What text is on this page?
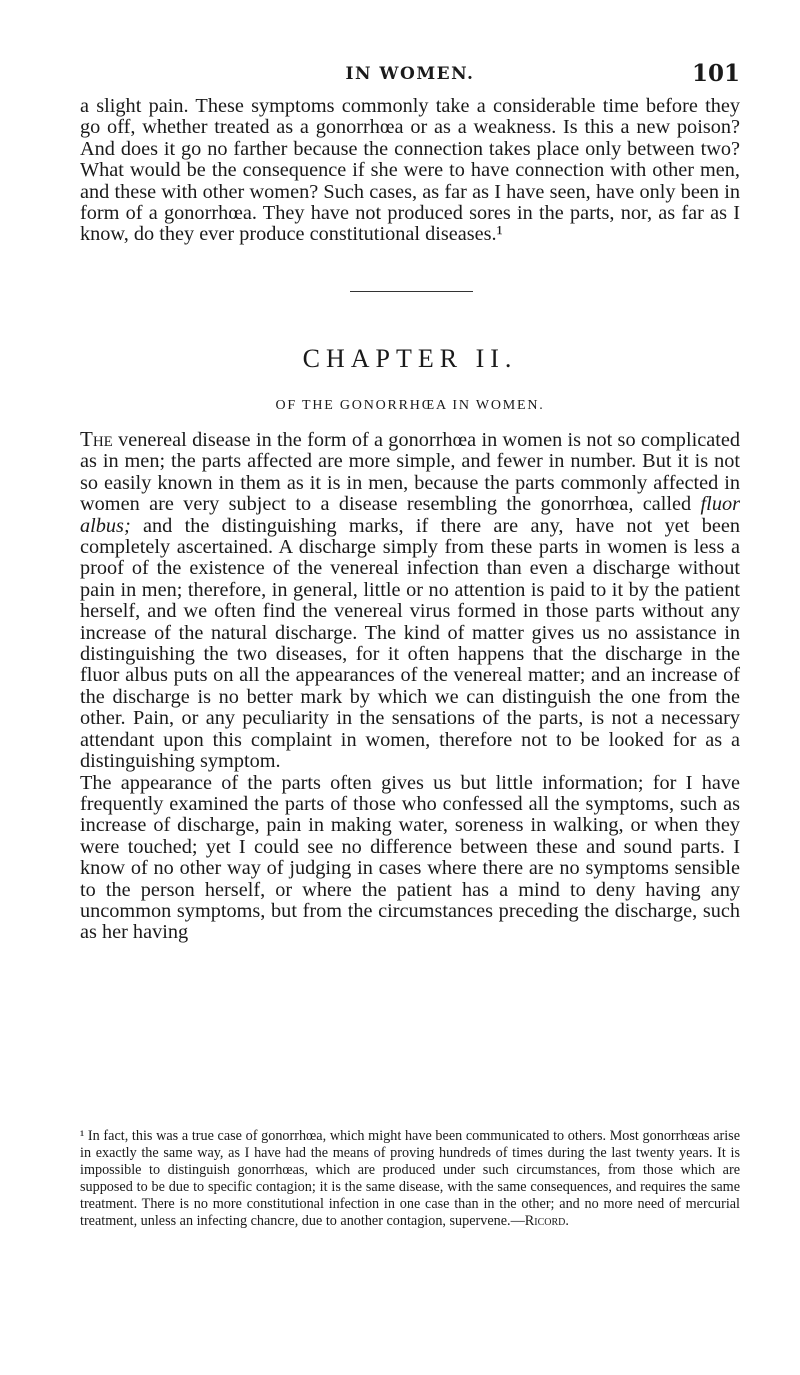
IN WOMEN.	101

a slight pain. These symptoms commonly take a considerable time before they go off, whether treated as a gonorrhœa or as a weakness. Is this a new poison? And does it go no farther because the connection takes place only between two? What would be the consequence if she were to have connection with other men, and these with other women? Such cases, as far as I have seen, have only been in form of a gonorrhœa. They have not produced sores in the parts, nor, as far as I know, do they ever produce constitutional diseases.¹

CHAPTER II.
OF THE GONORRHŒA IN WOMEN.

The venereal disease in the form of a gonorrhœa in women is not so complicated as in men; the parts affected are more simple, and fewer in number. But it is not so easily known in them as it is in men, because the parts commonly affected in women are very subject to a disease resembling the gonorrhœa, called fluor albus; and the distinguishing marks, if there are any, have not yet been completely ascertained. A discharge simply from these parts in women is less a proof of the existence of the venereal infection than even a discharge without pain in men; therefore, in general, little or no attention is paid to it by the patient herself, and we often find the venereal virus formed in those parts without any increase of the natural discharge. The kind of matter gives us no assistance in distinguishing the two diseases, for it often happens that the discharge in the fluor albus puts on all the appearances of the venereal matter; and an increase of the discharge is no better mark by which we can distinguish the one from the other. Pain, or any peculiarity in the sensations of the parts, is not a necessary attendant upon this complaint in women, therefore not to be looked for as a distinguishing symptom.

The appearance of the parts often gives us but little information; for I have frequently examined the parts of those who confessed all the symptoms, such as increase of discharge, pain in making water, soreness in walking, or when they were touched; yet I could see no difference between these and sound parts. I know of no other way of judging in cases where there are no symptoms sensible to the person herself, or where the patient has a mind to deny having any uncommon symptoms, but from the circumstances preceding the discharge, such as her having

¹ In fact, this was a true case of gonorrhœa, which might have been communicated to others. Most gonorrhœas arise in exactly the same way, as I have had the means of proving hundreds of times during the last twenty years. It is impossible to distinguish gonorrhœas, which are produced under such circumstances, from those which are supposed to be due to specific contagion; it is the same disease, with the same consequences, and requires the same treatment. There is no more constitutional infection in one case than in the other; and no more need of mercurial treatment, unless an infecting chancre, due to another contagion, supervene.—Ricord.
